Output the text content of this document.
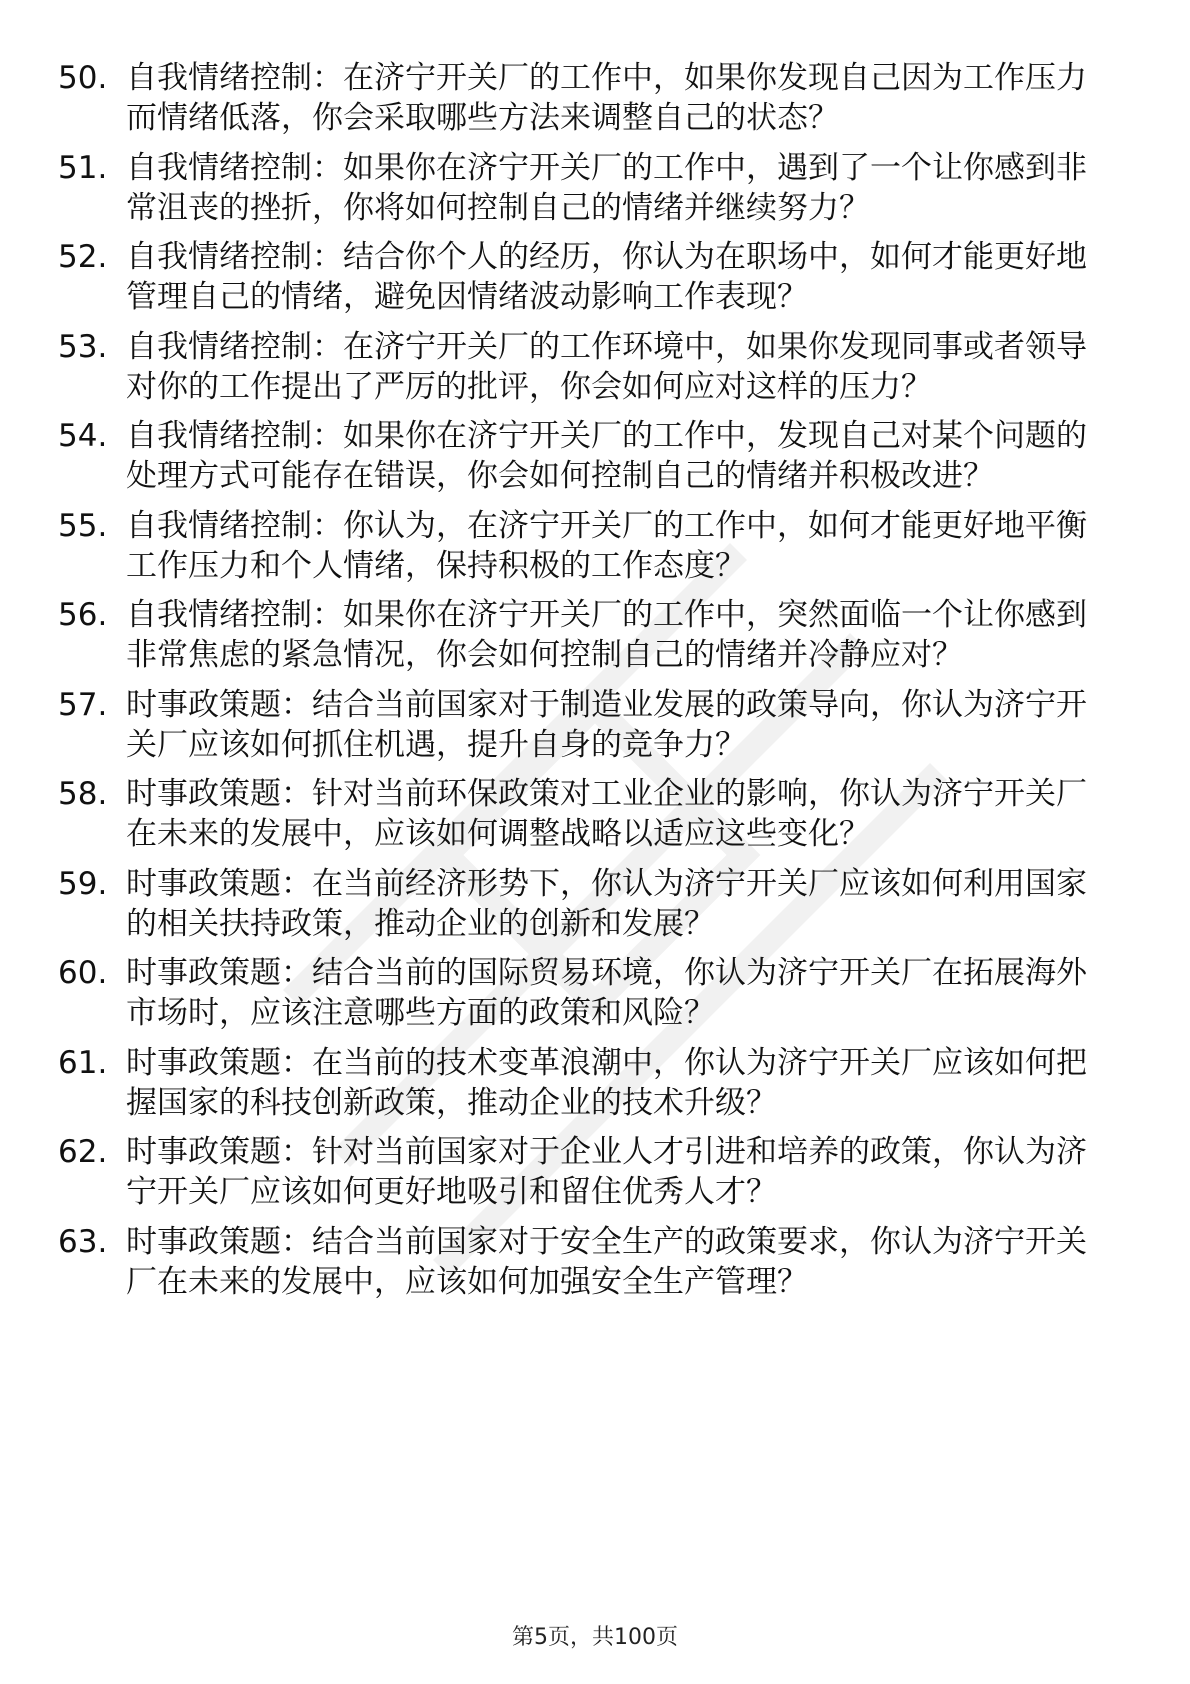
50. 自我情绪控制：在济宁开关厂的工作中，如果你发现自己因为工作压力而情绪低落，你会采取哪些方法来调整自己的状态？
51. 自我情绪控制：如果你在济宁开关厂的工作中，遇到了一个让你感到非常沮丧的挫折，你将如何控制自己的情绪并继续努力？
52. 自我情绪控制：结合你个人的经历，你认为在职场中，如何才能更好地管理自己的情绪，避免因情绪波动影响工作表现？
53. 自我情绪控制：在济宁开关厂的工作环境中，如果你发现同事或者领导对你的工作提出了严厉的批评，你会如何应对这样的压力？
54. 自我情绪控制：如果你在济宁开关厂的工作中，发现自己对某个问题的处理方式可能存在错误，你会如何控制自己的情绪并积极改进？
55. 自我情绪控制：你认为，在济宁开关厂的工作中，如何才能更好地平衡工作压力和个人情绪，保持积极的工作态度？
56. 自我情绪控制：如果你在济宁开关厂的工作中，突然面临一个让你感到非常焦虑的紧急情况，你会如何控制自己的情绪并冷静应对？
57. 时事政策题：结合当前国家对于制造业发展的政策导向，你认为济宁开关厂应该如何抓住机遇，提升自身的竞争力？
58. 时事政策题：针对当前环保政策对工业企业的影响，你认为济宁开关厂在未来的发展中，应该如何调整战略以适应这些变化？
59. 时事政策题：在当前经济形势下，你认为济宁开关厂应该如何利用国家的相关扶持政策，推动企业的创新和发展？
60. 时事政策题：结合当前的国际贸易环境，你认为济宁开关厂在拓展海外市场时，应该注意哪些方面的政策和风险？
61. 时事政策题：在当前的技术变革浪潮中，你认为济宁开关厂应该如何把握国家的科技创新政策，推动企业的技术升级？
62. 时事政策题：针对当前国家对于企业人才引进和培养的政策，你认为济宁开关厂应该如何更好地吸引和留住优秀人才？
63. 时事政策题：结合当前国家对于安全生产的政策要求，你认为济宁开关厂在未来的发展中，应该如何加强安全生产管理？
第5页，共100页
